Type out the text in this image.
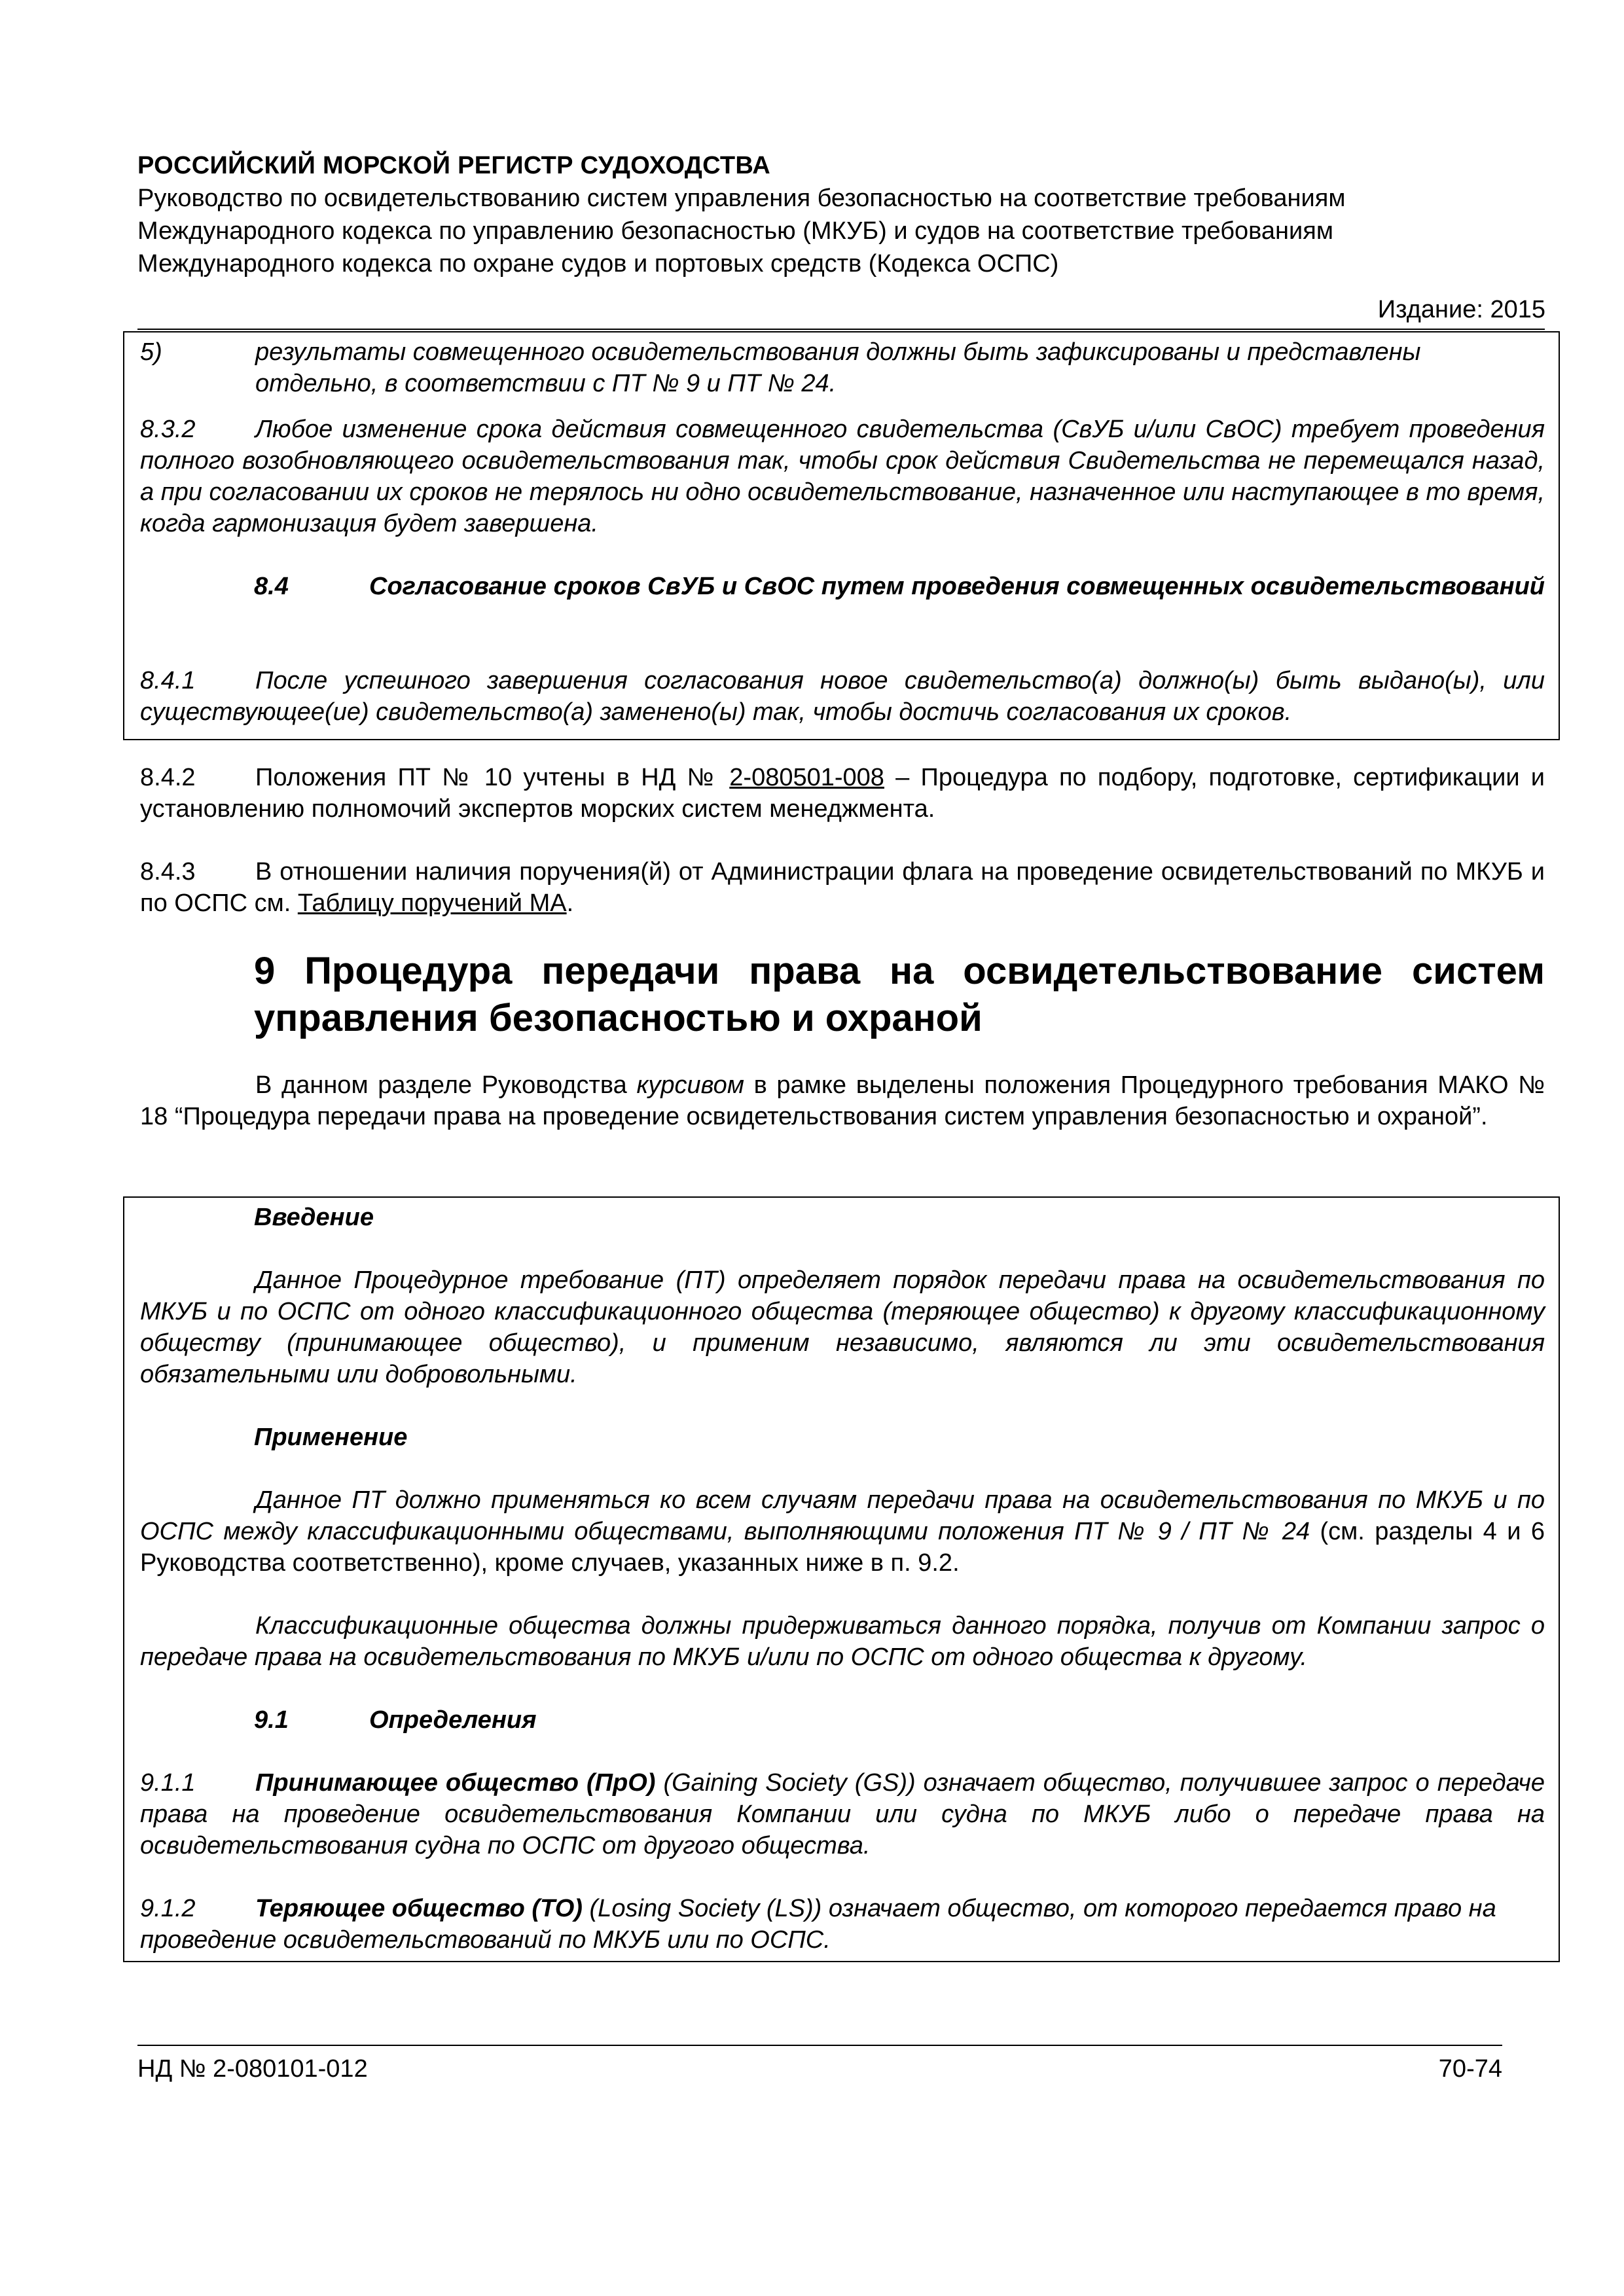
РОССИЙСКИЙ МОРСКОЙ РЕГИСТР СУДОХОДСТВА
Руководство по освидетельствованию систем управления безопасностью на соответствие требованиям
Международного кодекса по управлению безопасностью (МКУБ) и судов на соответствие требованиям
Международного кодекса по охране судов и портовых средств (Кодекса ОСПС)
Издание: 2015
5)	результаты совмещенного освидетельствования должны быть зафиксированы и представлены
отдельно, в соответствии с ПТ № 9 и ПТ № 24.
8.3.2 Любое изменение срока действия совмещенного свидетельства (СвУБ и/или СвОС) требует проведения полного возобновляющего освидетельствования так, чтобы срок действия Свидетельства не перемещался назад, а при согласовании их сроков не терялось ни одно освидетельствование, назначенное или наступающее в то время, когда гармонизация будет завершена.
8.4	Согласование сроков СвУБ и СвОС путем проведения совмещенных освидетельствований
8.4.1 После успешного завершения согласования новое свидетельство(а) должно(ы) быть выдано(ы), или существующее(ие) свидетельство(а) заменено(ы) так, чтобы достичь согласования их сроков.
8.4.2 Положения ПТ № 10 учтены в НД № 2-080501-008 – Процедура по подбору, подготовке, сертификации и установлению полномочий экспертов морских систем менеджмента.
8.4.3 В отношении наличия поручения(й) от Администрации флага на проведение освидетельствований по МКУБ и по ОСПС см. Таблицу поручений МА.
9 Процедура передачи права на освидетельствование систем управления безопасностью и охраной
В данном разделе Руководства курсивом в рамке выделены положения Процедурного требования МАКО № 18 “Процедура передачи права на проведение освидетельствования систем управления безопасностью и охраной”.
Введение
Данное Процедурное требование (ПТ) определяет порядок передачи права на освидетельствования по МКУБ и по ОСПС от одного классификационного общества (теряющее общество) к другому классификационному обществу (принимающее общество), и применим независимо, являются ли эти освидетельствования обязательными или добровольными.
Применение
Данное ПТ должно применяться ко всем случаям передачи права на освидетельствования по МКУБ и по ОСПС между классификационными обществами, выполняющими положения ПТ № 9 / ПТ № 24 (см. разделы 4 и 6 Руководства соответственно), кроме случаев, указанных ниже в п. 9.2.
Классификационные общества должны придерживаться данного порядка, получив от Компании запрос о передаче права на освидетельствования по МКУБ и/или по ОСПС от одного общества к другому.
9.1	Определения
9.1.1 Принимающее общество (ПрО) (Gaining Society (GS)) означает общество, получившее запрос о передаче права на проведение освидетельствования Компании или судна по МКУБ либо о передаче права на освидетельствования судна по ОСПС от другого общества.
9.1.2 Теряющее общество (ТО) (Losing Society (LS)) означает общество, от которого передается право на проведение освидетельствований по МКУБ или по ОСПС.
НД № 2-080101-012	70-74
